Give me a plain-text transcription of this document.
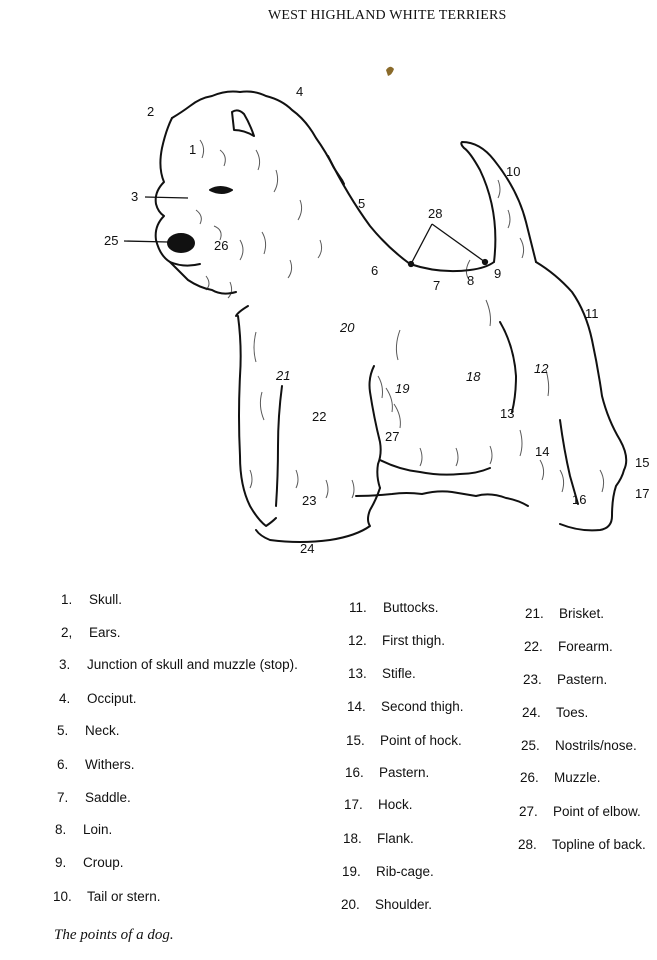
WEST HIGHLAND WHITE TERRIERS
1
2
3
4
5
6
7 8 9
10
11
12
13
14
15
16	17
18
19
20
21
22
23
24
25	26
27
28
1. Skull.
2, Ears.
3. Junction of skull and muzzle (stop).
4. Occiput.
5. Neck.
6. Withers.
7. Saddle.
8. Loin.
9. Croup.
10. Tail or stern.
11. Buttocks.
12. First thigh.
13. Stifle.
14. Second thigh.
15. Point of hock.
16. Pastern.
17. Hock.
18. Flank.
19. Rib-cage.
20. Shoulder.
21. Brisket.
22. Forearm.
23. Pastern.
24. Toes.
25. Nostrils/nose.
26. Muzzle.
27. Point of elbow.
28. Topline of back.
The points of a dog.
